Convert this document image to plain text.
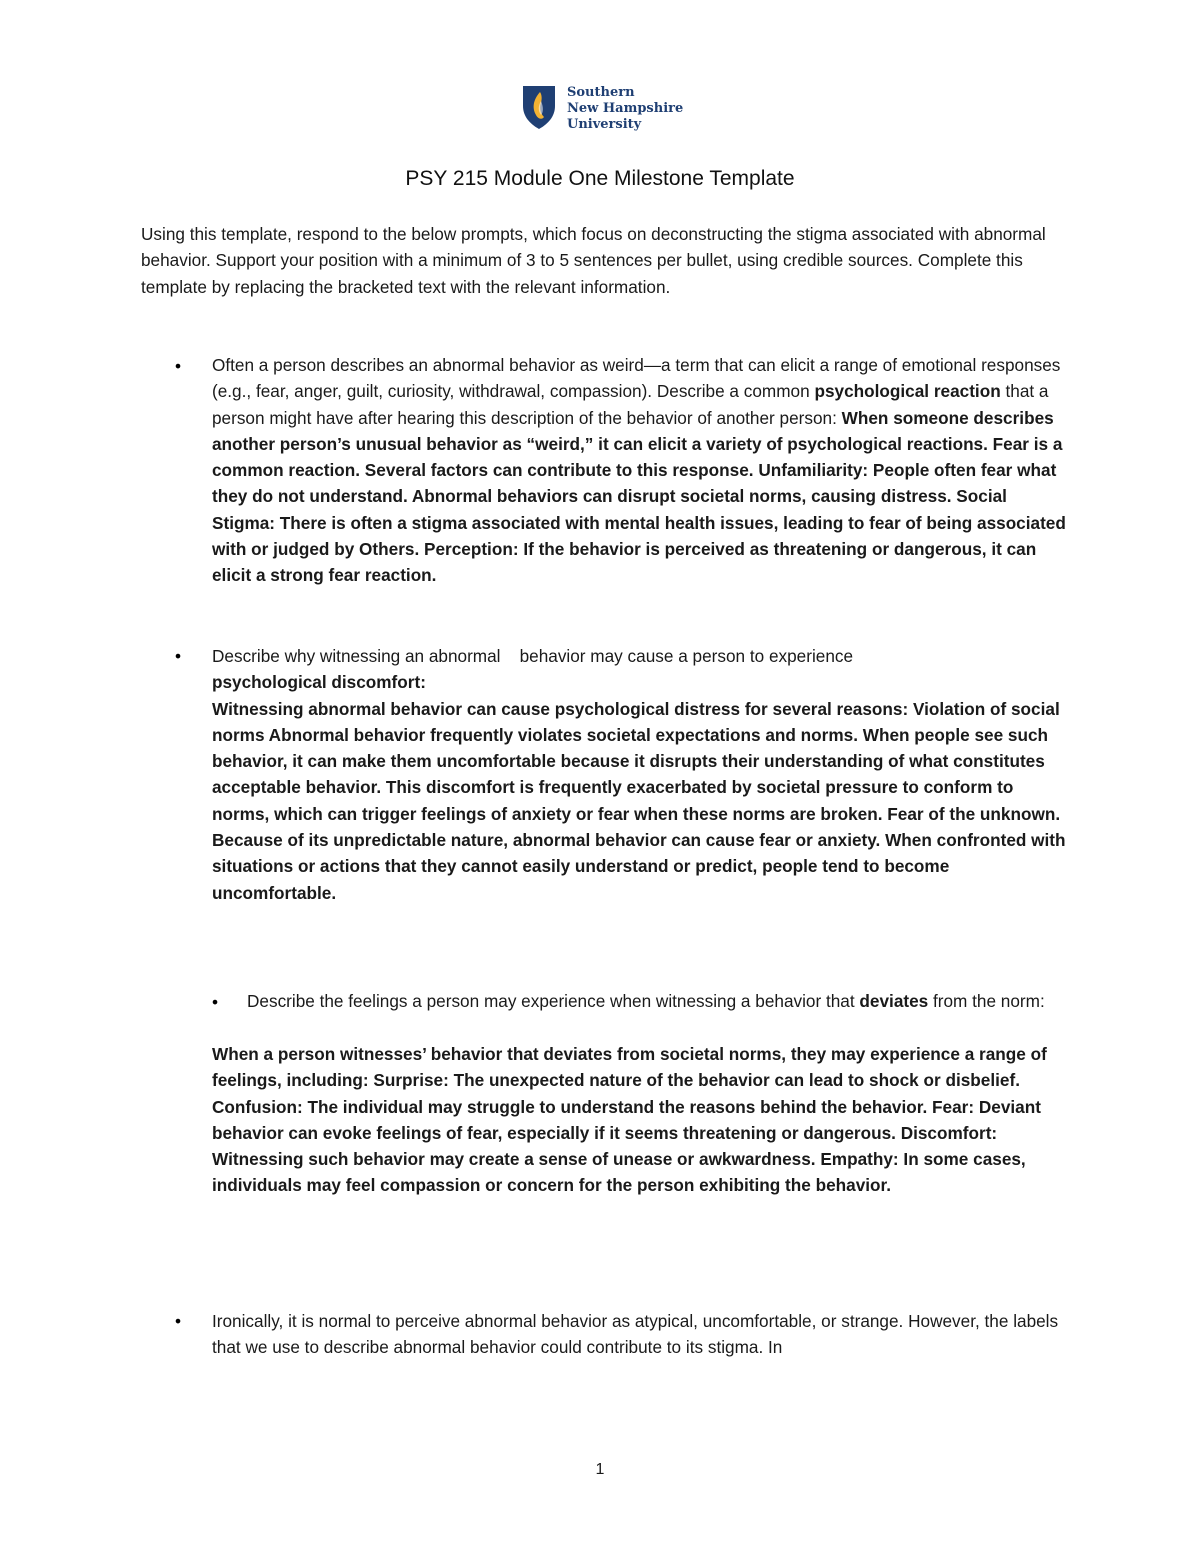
Southern
New Hampshire
University
PSY 215 Module One Milestone Template
Using this template, respond to the below prompts, which focus on deconstructing the stigma associated with abnormal behavior. Support your position with a minimum of 3 to 5 sentences per bullet, using credible sources. Complete this template by replacing the bracketed text with the relevant information.
• Often a person describes an abnormal behavior as weird—a term that can elicit a range of emotional responses (e.g., fear, anger, guilt, curiosity, withdrawal, compassion). Describe a common psychological reaction that a person might have after hearing this description of the behavior of another person: When someone describes another person’s unusual behavior as “weird,” it can elicit a variety of psychological reactions. Fear is a common reaction. Several factors can contribute to this response. Unfamiliarity: People often fear what they do not understand. Abnormal behaviors can disrupt societal norms, causing distress. Social Stigma: There is often a stigma associated with mental health issues, leading to fear of being associated with or judged by Others. Perception: If the behavior is perceived as threatening or dangerous, it can elicit a strong fear reaction.

• Describe why witnessing an abnormal    behavior may cause a person to experience

psychological discomfort:

Witnessing abnormal behavior can cause psychological distress for several reasons: Violation of social norms Abnormal behavior frequently violates societal expectations and norms. When people see such behavior, it can make them uncomfortable because it disrupts their understanding of what constitutes acceptable behavior. This discomfort is frequently exacerbated by societal pressure to conform to norms, which can trigger feelings of anxiety or fear when these norms are broken. Fear of the unknown. Because of its unpredictable nature, abnormal behavior can cause fear or anxiety. When confronted with situations or actions that they cannot easily understand or predict, people tend to become uncomfortable.

• Describe the feelings a person may experience when witnessing a behavior that deviates from the norm:

When a person witnesses’ behavior that deviates from societal norms, they may experience a range of feelings, including: Surprise: The unexpected nature of the behavior can lead to shock or disbelief. Confusion: The individual may struggle to understand the reasons behind the behavior. Fear: Deviant behavior can evoke feelings of fear, especially if it seems threatening or dangerous. Discomfort: Witnessing such behavior may create a sense of unease or awkwardness. Empathy: In some cases, individuals may feel compassion or concern for the person exhibiting the behavior.

• Ironically, it is normal to perceive abnormal behavior as atypical, uncomfortable, or strange. However, the labels that we use to describe abnormal behavior could contribute to its stigma. In

1
